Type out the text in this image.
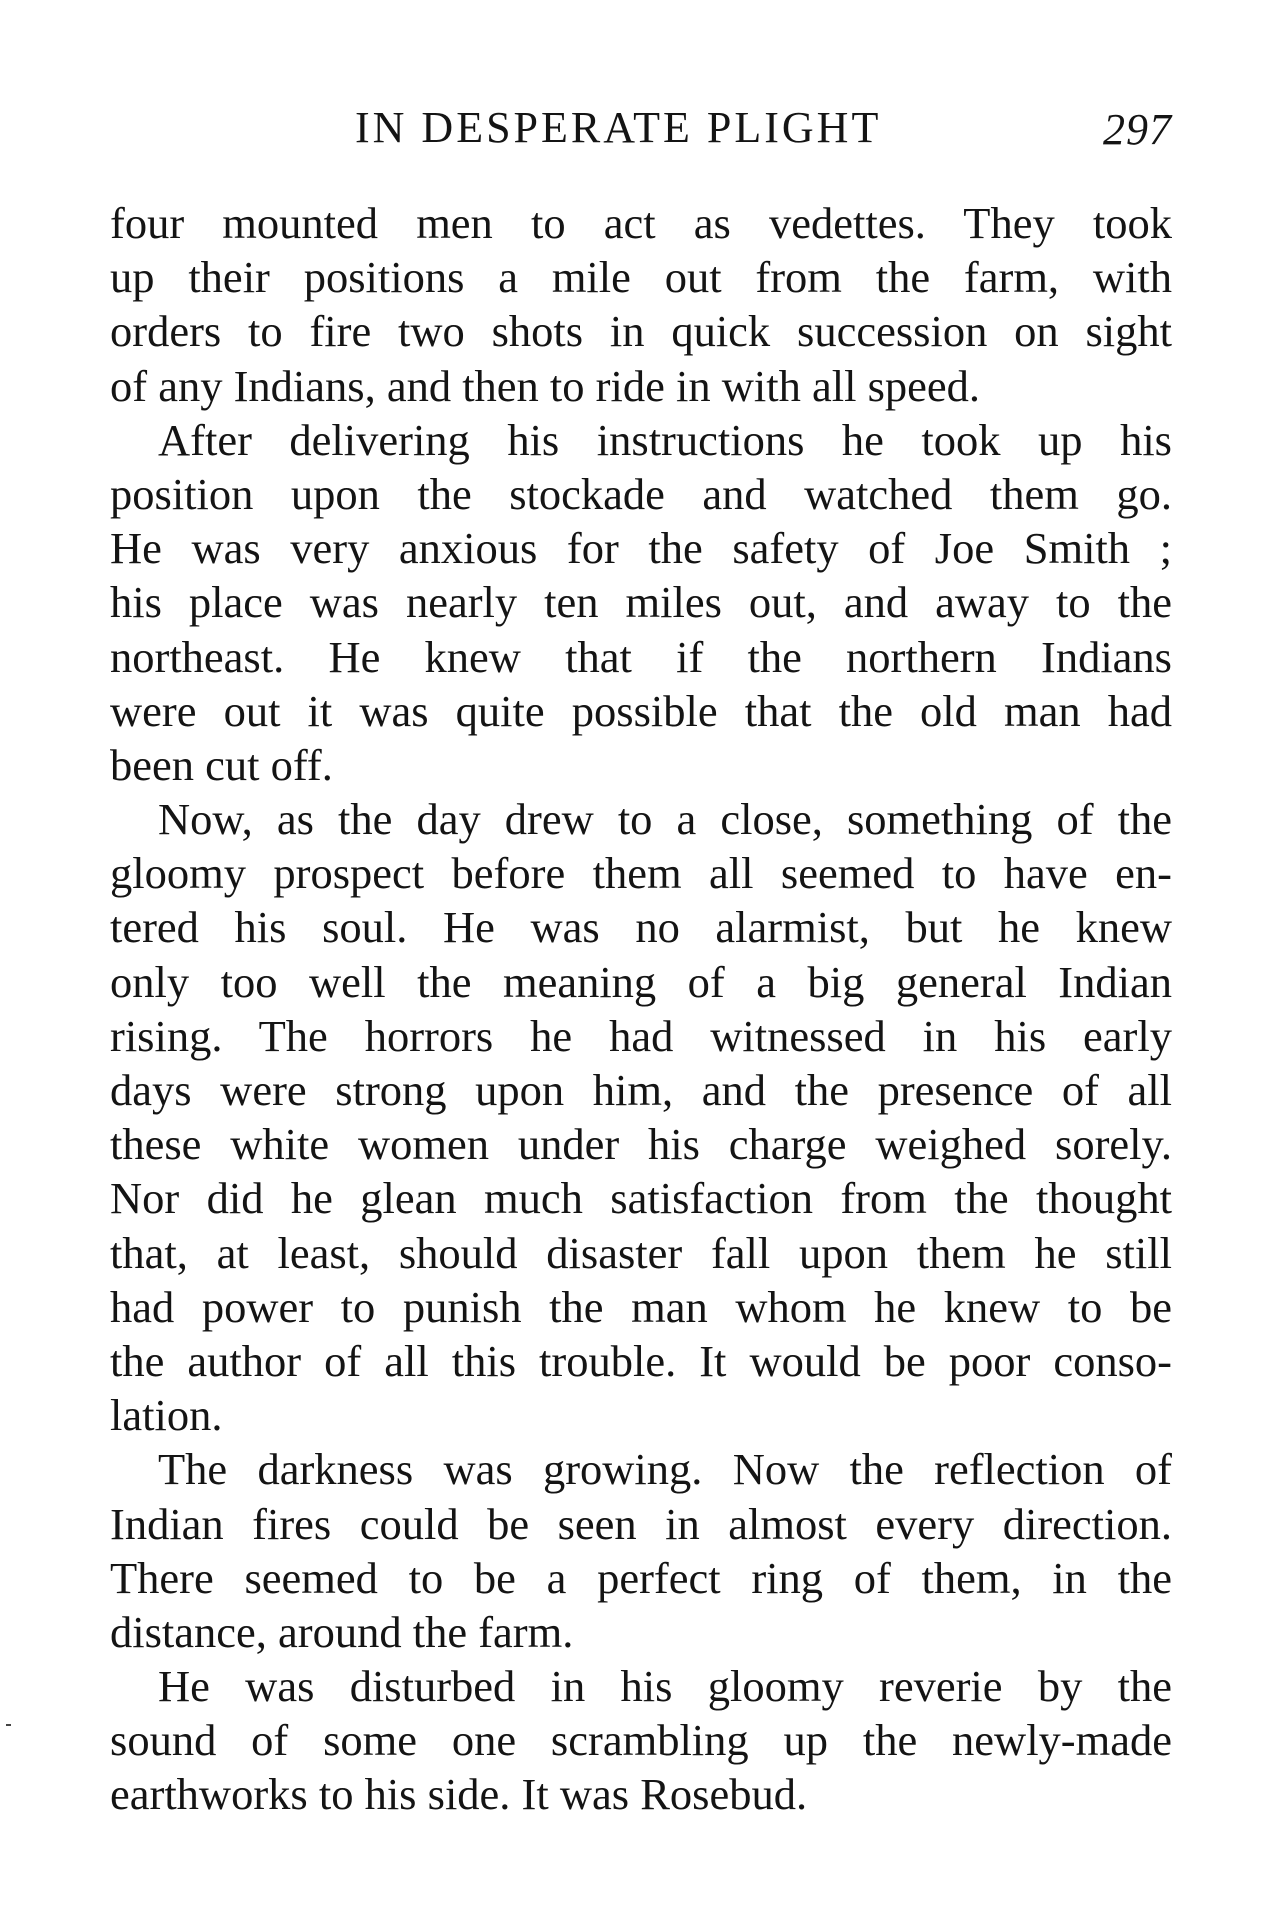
IN DESPERATE PLIGHT	297
four mounted men to act as vedettes. They took
up their positions a mile out from the farm, with
orders to fire two shots in quick succession on sight
of any Indians, and then to ride in with all speed.
After delivering his instructions he took up his
position upon the stockade and watched them go.
He was very anxious for the safety of Joe Smith ;
his place was nearly ten miles out, and away to the
northeast. He knew that if the northern Indians
were out it was quite possible that the old man had
been cut off.
Now, as the day drew to a close, something of the
gloomy prospect before them all seemed to have en-
tered his soul. He was no alarmist, but he knew
only too well the meaning of a big general Indian
rising. The horrors he had witnessed in his early
days were strong upon him, and the presence of all
these white women under his charge weighed sorely.
Nor did he glean much satisfaction from the thought
that, at least, should disaster fall upon them he still
had power to punish the man whom he knew to be
the author of all this trouble. It would be poor conso-
lation.
The darkness was growing. Now the reflection of
Indian fires could be seen in almost every direction.
There seemed to be a perfect ring of them, in the
distance, around the farm.
He was disturbed in his gloomy reverie by the
sound of some one scrambling up the newly-made
earthworks to his side. It was Rosebud.
